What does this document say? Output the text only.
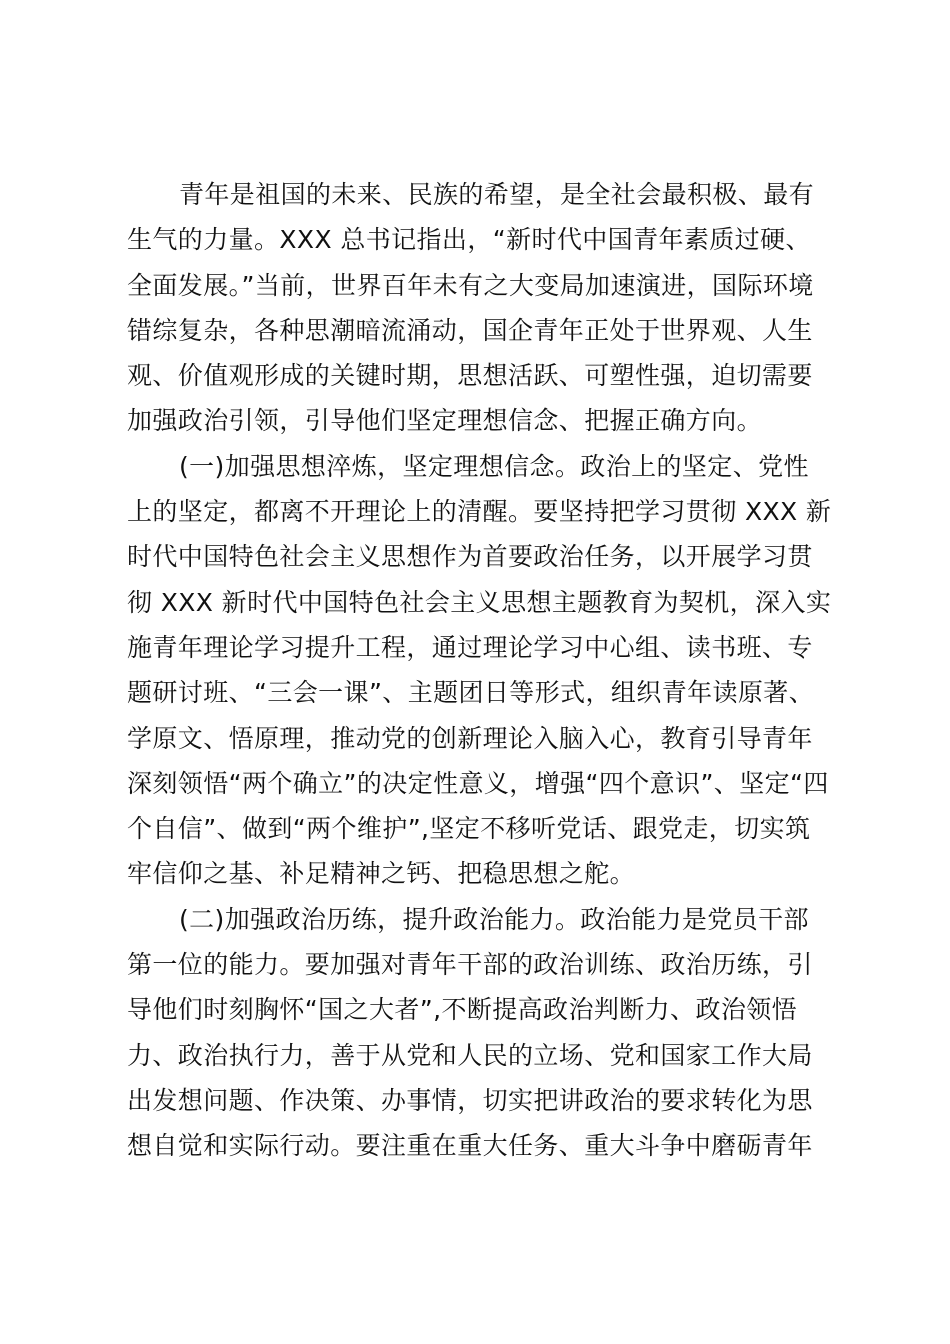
青年是祖国的未来、民族的希望，是全社会最积极、最有
生气的力量。XXX 总书记指出，“新时代中国青年素质过硬、
全面发展。”当前，世界百年未有之大变局加速演进，国际环境
错综复杂，各种思潮暗流涌动，国企青年正处于世界观、人生
观、价值观形成的关键时期，思想活跃、可塑性强，迫切需要
加强政治引领，引导他们坚定理想信念、把握正确方向。

(一)加强思想淬炼，坚定理想信念。政治上的坚定、党性
上的坚定，都离不开理论上的清醒。要坚持把学习贯彻 XXX 新
时代中国特色社会主义思想作为首要政治任务，以开展学习贯
彻 XXX 新时代中国特色社会主义思想主题教育为契机，深入实
施青年理论学习提升工程，通过理论学习中心组、读书班、专
题研讨班、“三会一课”、主题团日等形式，组织青年读原著、
学原文、悟原理，推动党的创新理论入脑入心，教育引导青年
深刻领悟“两个确立”的决定性意义，增强“四个意识”、坚定“四
个自信”、做到“两个维护”,坚定不移听党话、跟党走，切实筑
牢信仰之基、补足精神之钙、把稳思想之舵。

(二)加强政治历练，提升政治能力。政治能力是党员干部
第一位的能力。要加强对青年干部的政治训练、政治历练，引
导他们时刻胸怀“国之大者”,不断提高政治判断力、政治领悟
力、政治执行力，善于从党和人民的立场、党和国家工作大局
出发想问题、作决策、办事情，切实把讲政治的要求转化为思
想自觉和实际行动。要注重在重大任务、重大斗争中磨砺青年
